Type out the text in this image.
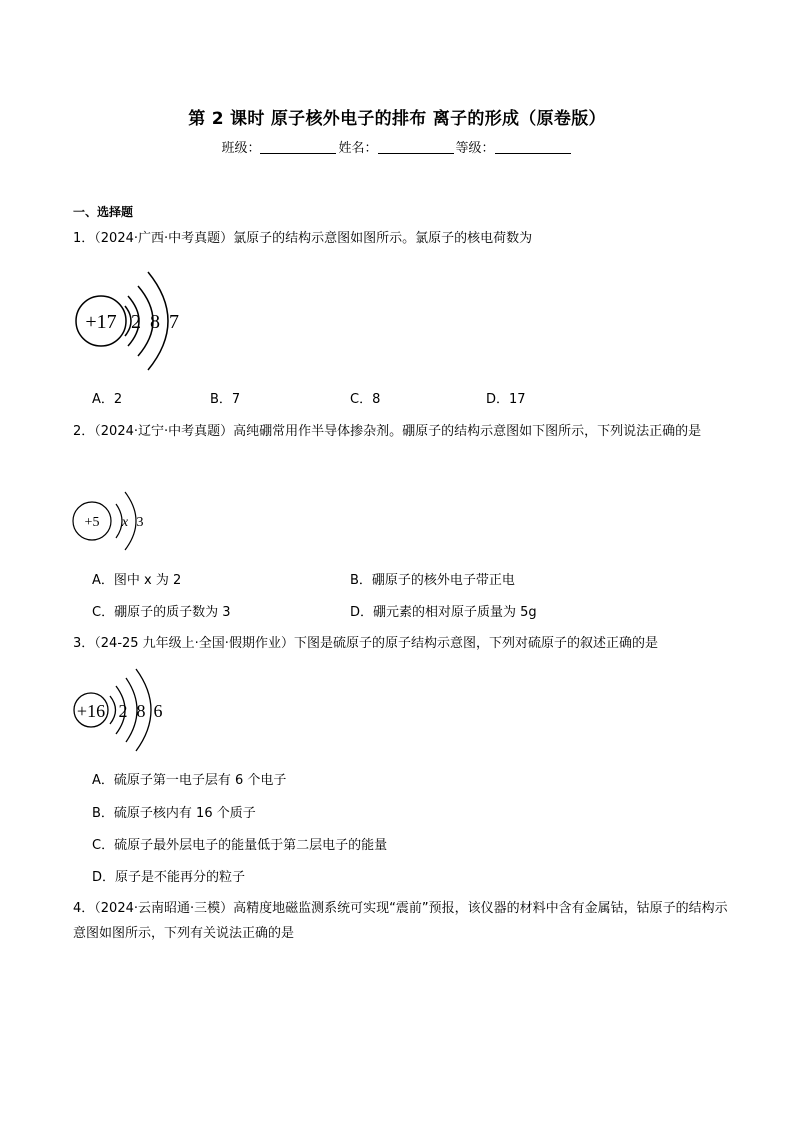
第 2 课时 原子核外电子的排布 离子的形成（原卷版）
班级：	姓名：	等级：
一、选择题
1．（2024·广西·中考真题）氯原子的结构示意图如图所示。氯原子的核电荷数为
+17 2 8 7
A．2	B．7	C．8	D．17
2．（2024·辽宁·中考真题）高纯硼常用作半导体掺杂剂。硼原子的结构示意图如下图所示，下列说法正确的是
+5 x 3
A．图中 x 为 2	B．硼原子的核外电子带正电
C．硼原子的质子数为 3	D．硼元素的相对原子质量为 5g
3．（24-25 九年级上·全国·假期作业）下图是硫原子的原子结构示意图，下列对硫原子的叙述正确的是
+16 2 8 6
A．硫原子第一电子层有 6 个电子
B．硫原子核内有 16 个质子
C．硫原子最外层电子的能量低于第二层电子的能量
D．原子是不能再分的粒子
4．（2024·云南昭通·三模）高精度地磁监测系统可实现“震前”预报，该仪器的材料中含有金属钴，钴原子的结构示意图如图所示，下列有关说法正确的是
